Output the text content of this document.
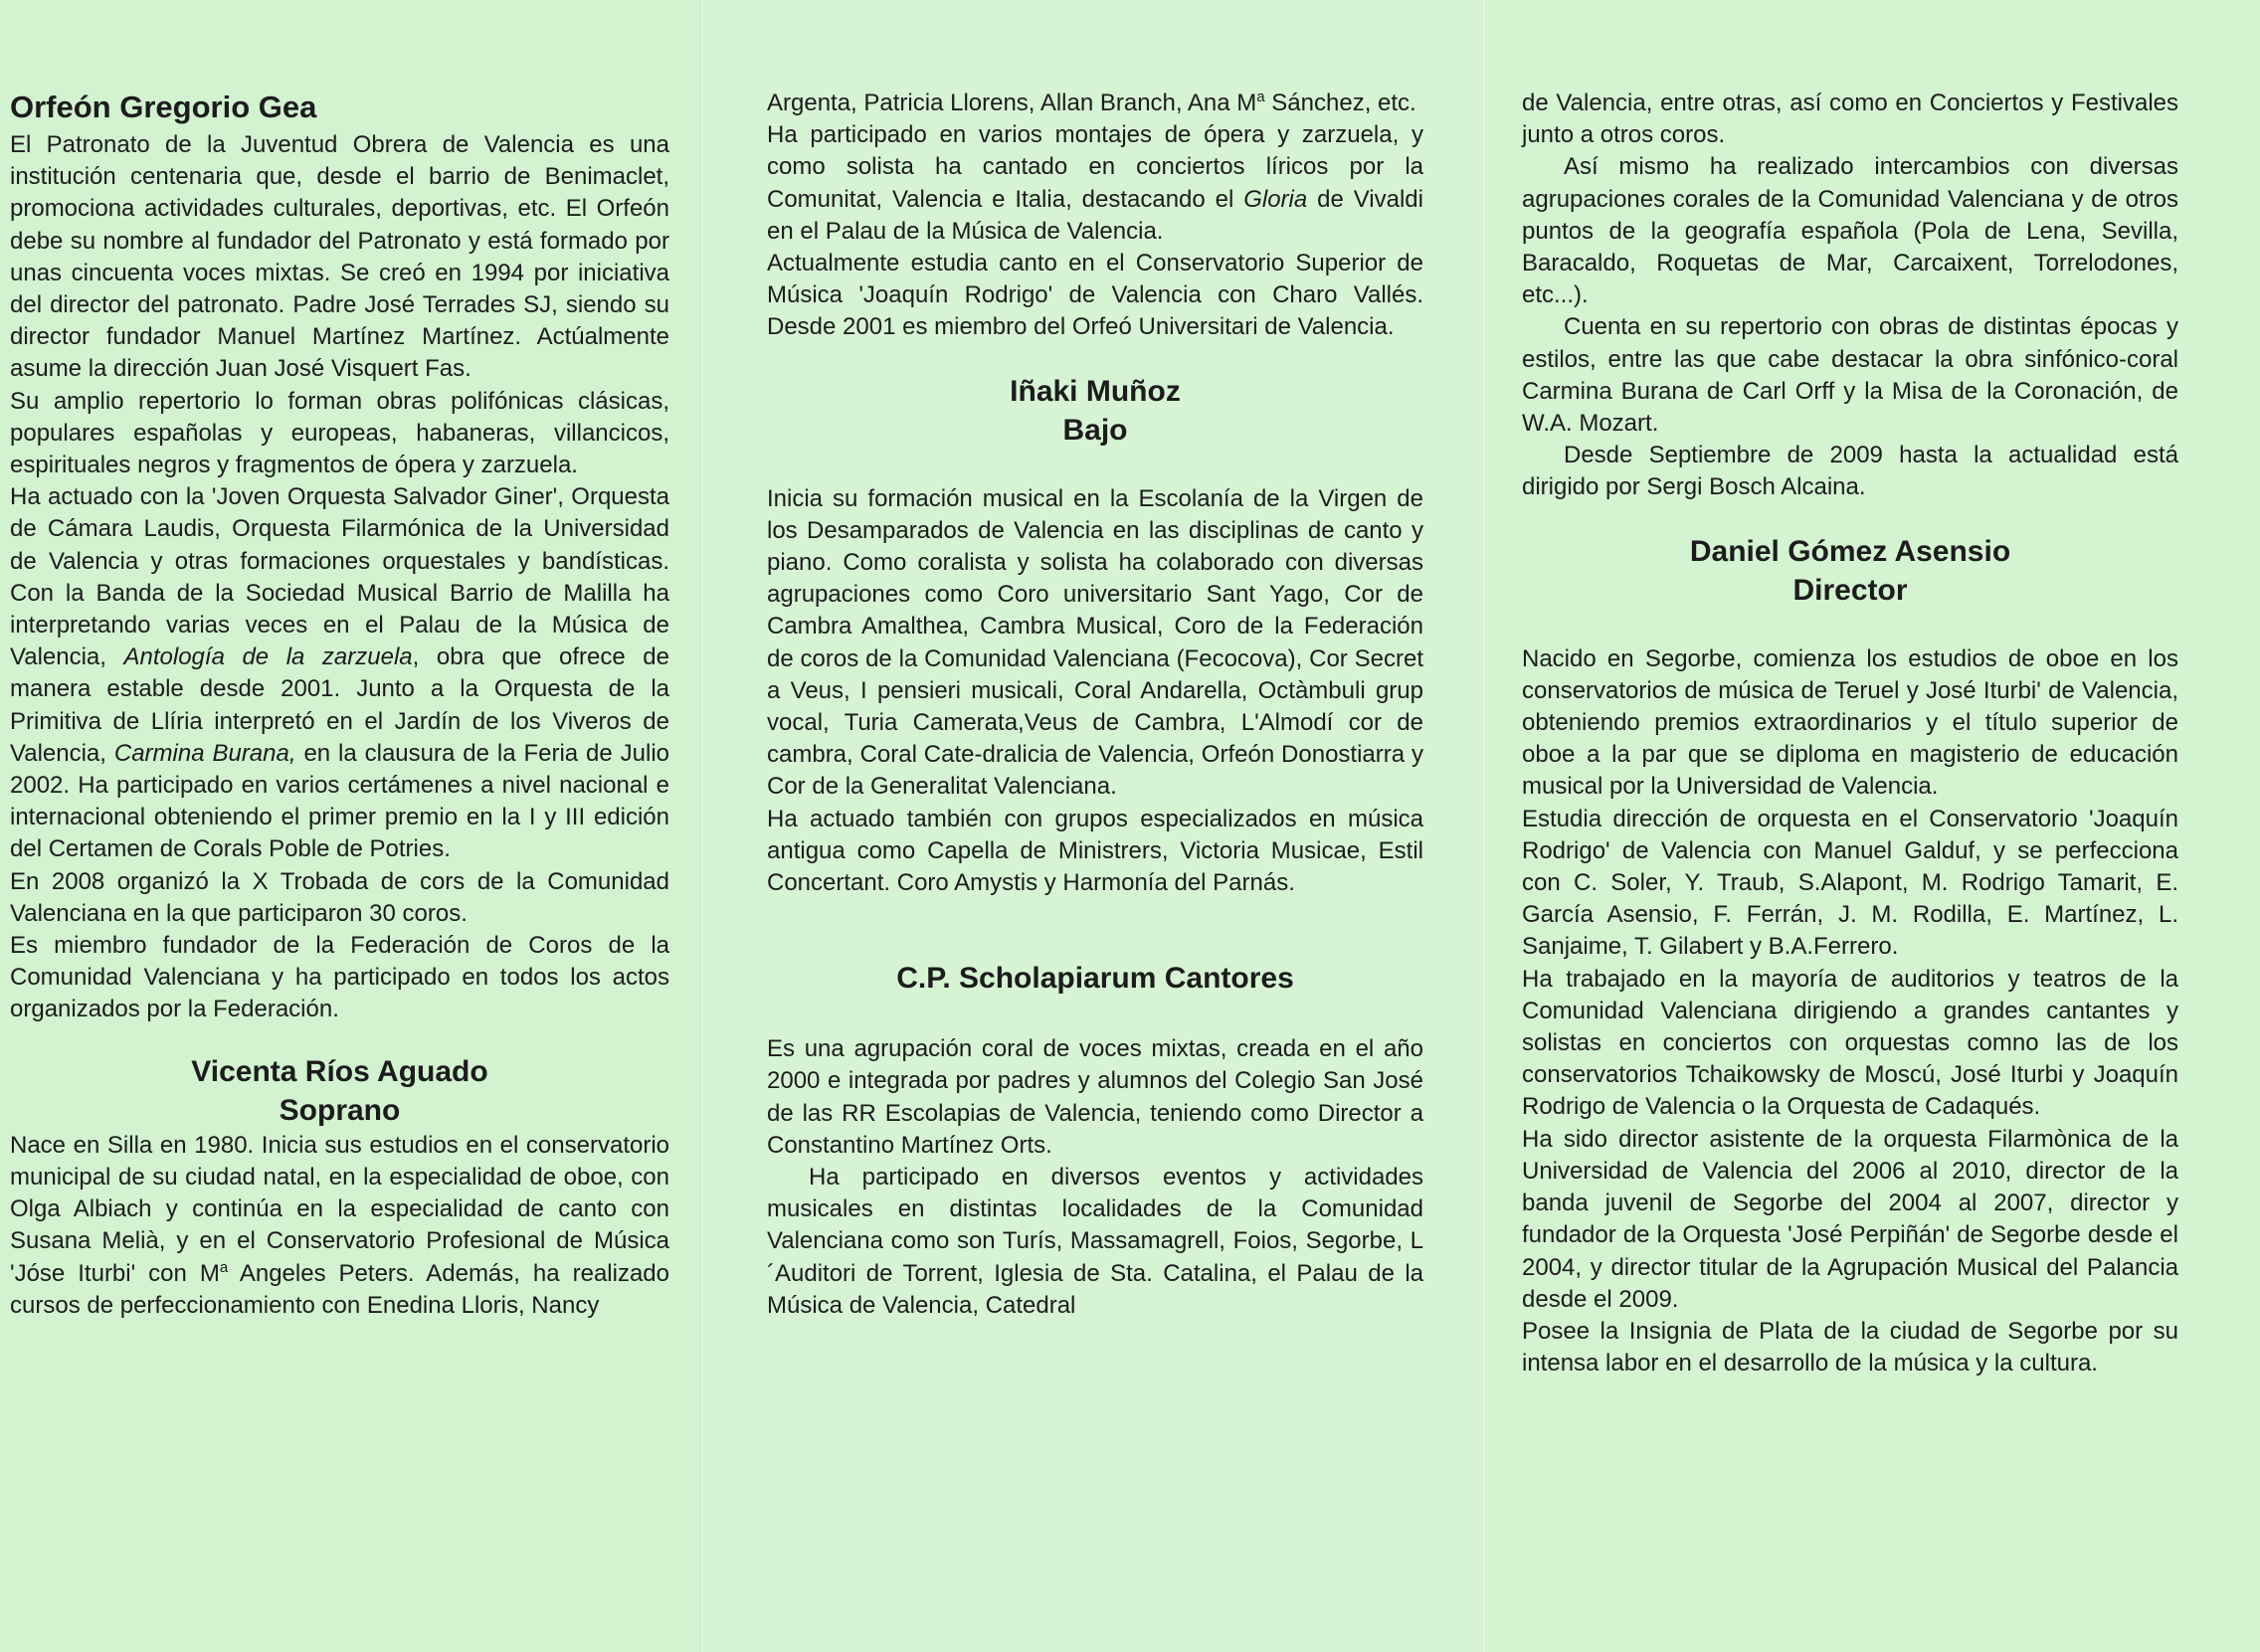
Orfeón Gregorio Gea

El Patronato de la Juventud Obrera de Valencia es una institución centenaria que, desde el barrio de Benimaclet, promociona actividades culturales, deportivas, etc. El Orfeón debe su nombre al fundador del Patronato y está formado por unas cincuenta voces mixtas. Se creó en 1994 por iniciativa del director del patronato. Padre José Terrades SJ, siendo su director fundador Manuel Martínez Martínez. Actúalmente asume la dirección Juan José Visquert Fas.

Su amplio repertorio lo forman obras polifónicas clásicas, populares españolas y europeas, habaneras, villancicos, espirituales negros y fragmentos de ópera y zarzuela.

Ha actuado con la 'Joven Orquesta Salvador Giner', Orquesta de Cámara Laudis, Orquesta Filarmónica de la Universidad de Valencia y otras formaciones orquestales y bandísticas. Con la Banda de la Sociedad Musical Barrio de Malilla ha interpretando varias veces en el Palau de la Música de Valencia, Antología de la zarzuela, obra que ofrece de manera estable desde 2001. Junto a la Orquesta de la Primitiva de Llíria interpretó en el Jardín de los Viveros de Valencia, Carmina Burana, en la clausura de la Feria de Julio 2002. Ha participado en varios certámenes a nivel nacional e internacional obteniendo el primer premio en la I y III edición del Certamen de Corals Poble de Potries.

En 2008 organizó la X Trobada de cors de la Comunidad Valenciana en la que participaron 30 coros.

Es miembro fundador de la Federación de Coros de la Comunidad Valenciana y ha participado en todos los actos organizados por la Federación.

Vicenta Ríos Aguado
Soprano

Nace en Silla en 1980. Inicia sus estudios en el conservatorio municipal de su ciudad natal, en la especialidad de oboe, con Olga Albiach y continúa en la especialidad de canto con Susana Melià, y en el Conservatorio Profesional de Música 'Jóse Iturbi' con $M^a$ Angeles Peters. Además, ha realizado cursos de perfeccionamiento con Enedina Lloris, Nancy

Argenta, Patricia Llorens, Allan Branch, Ana $M^a$ Sánchez, etc.

Ha participado en varios montajes de ópera y zarzuela, y como solista ha cantado en conciertos líricos por la Comunitat, Valencia e Italia, destacando el Gloria de Vivaldi en el Palau de la Música de Valencia.

Actualmente estudia canto en el Conservatorio Superior de Música 'Joaquín Rodrigo' de Valencia con Charo Vallés. Desde 2001 es miembro del Orfeó Universitari de Valencia.

Iñaki Muñoz
Bajo

Inicia su formación musical en la Escolanía de la Virgen de los Desamparados de Valencia en las disciplinas de canto y piano. Como coralista y solista ha colaborado con diversas agrupaciones como Coro universitario Sant Yago, Cor de Cambra Amalthea, Cambra Musical, Coro de la Federación de coros de la Comunidad Valenciana (Fecocova), Cor Secret a Veus, I pensieri musicali, Coral Andarella, Octàmbuli grup vocal, Turia Camerata,Veus de Cambra, L'Almodí cor de cambra, Coral Cate-dralicia de Valencia, Orfeón Donostiarra y Cor de la Generalitat Valenciana.

Ha actuado también con grupos especializados en música antigua como Capella de Ministrers, Victoria Musicae, Estil Concertant. Coro Amystis y Harmonía del Parnás.

C.P. Scholapiarum Cantores

Es una agrupación coral de voces mixtas, creada en el año 2000 e integrada por padres y alumnos del Colegio San José de las RR Escolapias de Valencia, teniendo como Director a Constantino Martínez Orts.

Ha participado en diversos eventos y actividades musicales en distintas localidades de la Comunidad Valenciana como son Turís, Massamagrell, Foios, Segorbe, L´Auditori de Torrent, Iglesia de Sta. Catalina, el Palau de la Música de Valencia, Catedral

de Valencia, entre otras, así como en Conciertos y Festivales junto a otros coros.

Así mismo ha realizado intercambios con diversas agrupaciones corales de la Comunidad Valenciana y de otros puntos de la geografía española (Pola de Lena, Sevilla, Baracaldo, Roquetas de Mar, Carcaixent, Torrelodones, etc...).

Cuenta en su repertorio con obras de distintas épocas y estilos, entre las que cabe destacar la obra sinfónico-coral Carmina Burana de Carl Orff y la Misa de la Coronación, de W.A. Mozart.

Desde Septiembre de 2009 hasta la actualidad está dirigido por Sergi Bosch Alcaina.

Daniel Gómez Asensio
Director

Nacido en Segorbe, comienza los estudios de oboe en los conservatorios de música de Teruel y José Iturbi' de Valencia, obteniendo premios extraordinarios y el título superior de oboe a la par que se diploma en magisterio de educación musical por la Universidad de Valencia.

Estudia dirección de orquesta en el Conservatorio 'Joaquín Rodrigo' de Valencia con Manuel Galduf, y se perfecciona con C. Soler, Y. Traub, S.Alapont, M. Rodrigo Tamarit, E. García Asensio, F. Ferrán, J. M. Rodilla, E. Martínez, L. Sanjaime, T. Gilabert y B.A.Ferrero.

Ha trabajado en la mayoría de auditorios y teatros de la Comunidad Valenciana dirigiendo a grandes cantantes y solistas en conciertos con orquestas comno las de los conservatorios Tchaikowsky de Moscú, José Iturbi y Joaquín Rodrigo de Valencia o la Orquesta de Cadaqués.

Ha sido director asistente de la orquesta Filarmònica de la Universidad de Valencia del 2006 al 2010, director de la banda juvenil de Segorbe del 2004 al 2007, director y fundador de la Orquesta 'José Perpiñán' de Segorbe desde el 2004, y director titular de la Agrupación Musical del Palancia desde el 2009.

Posee la Insignia de Plata de la ciudad de Segorbe por su intensa labor en el desarrollo de la música y la cultura.
